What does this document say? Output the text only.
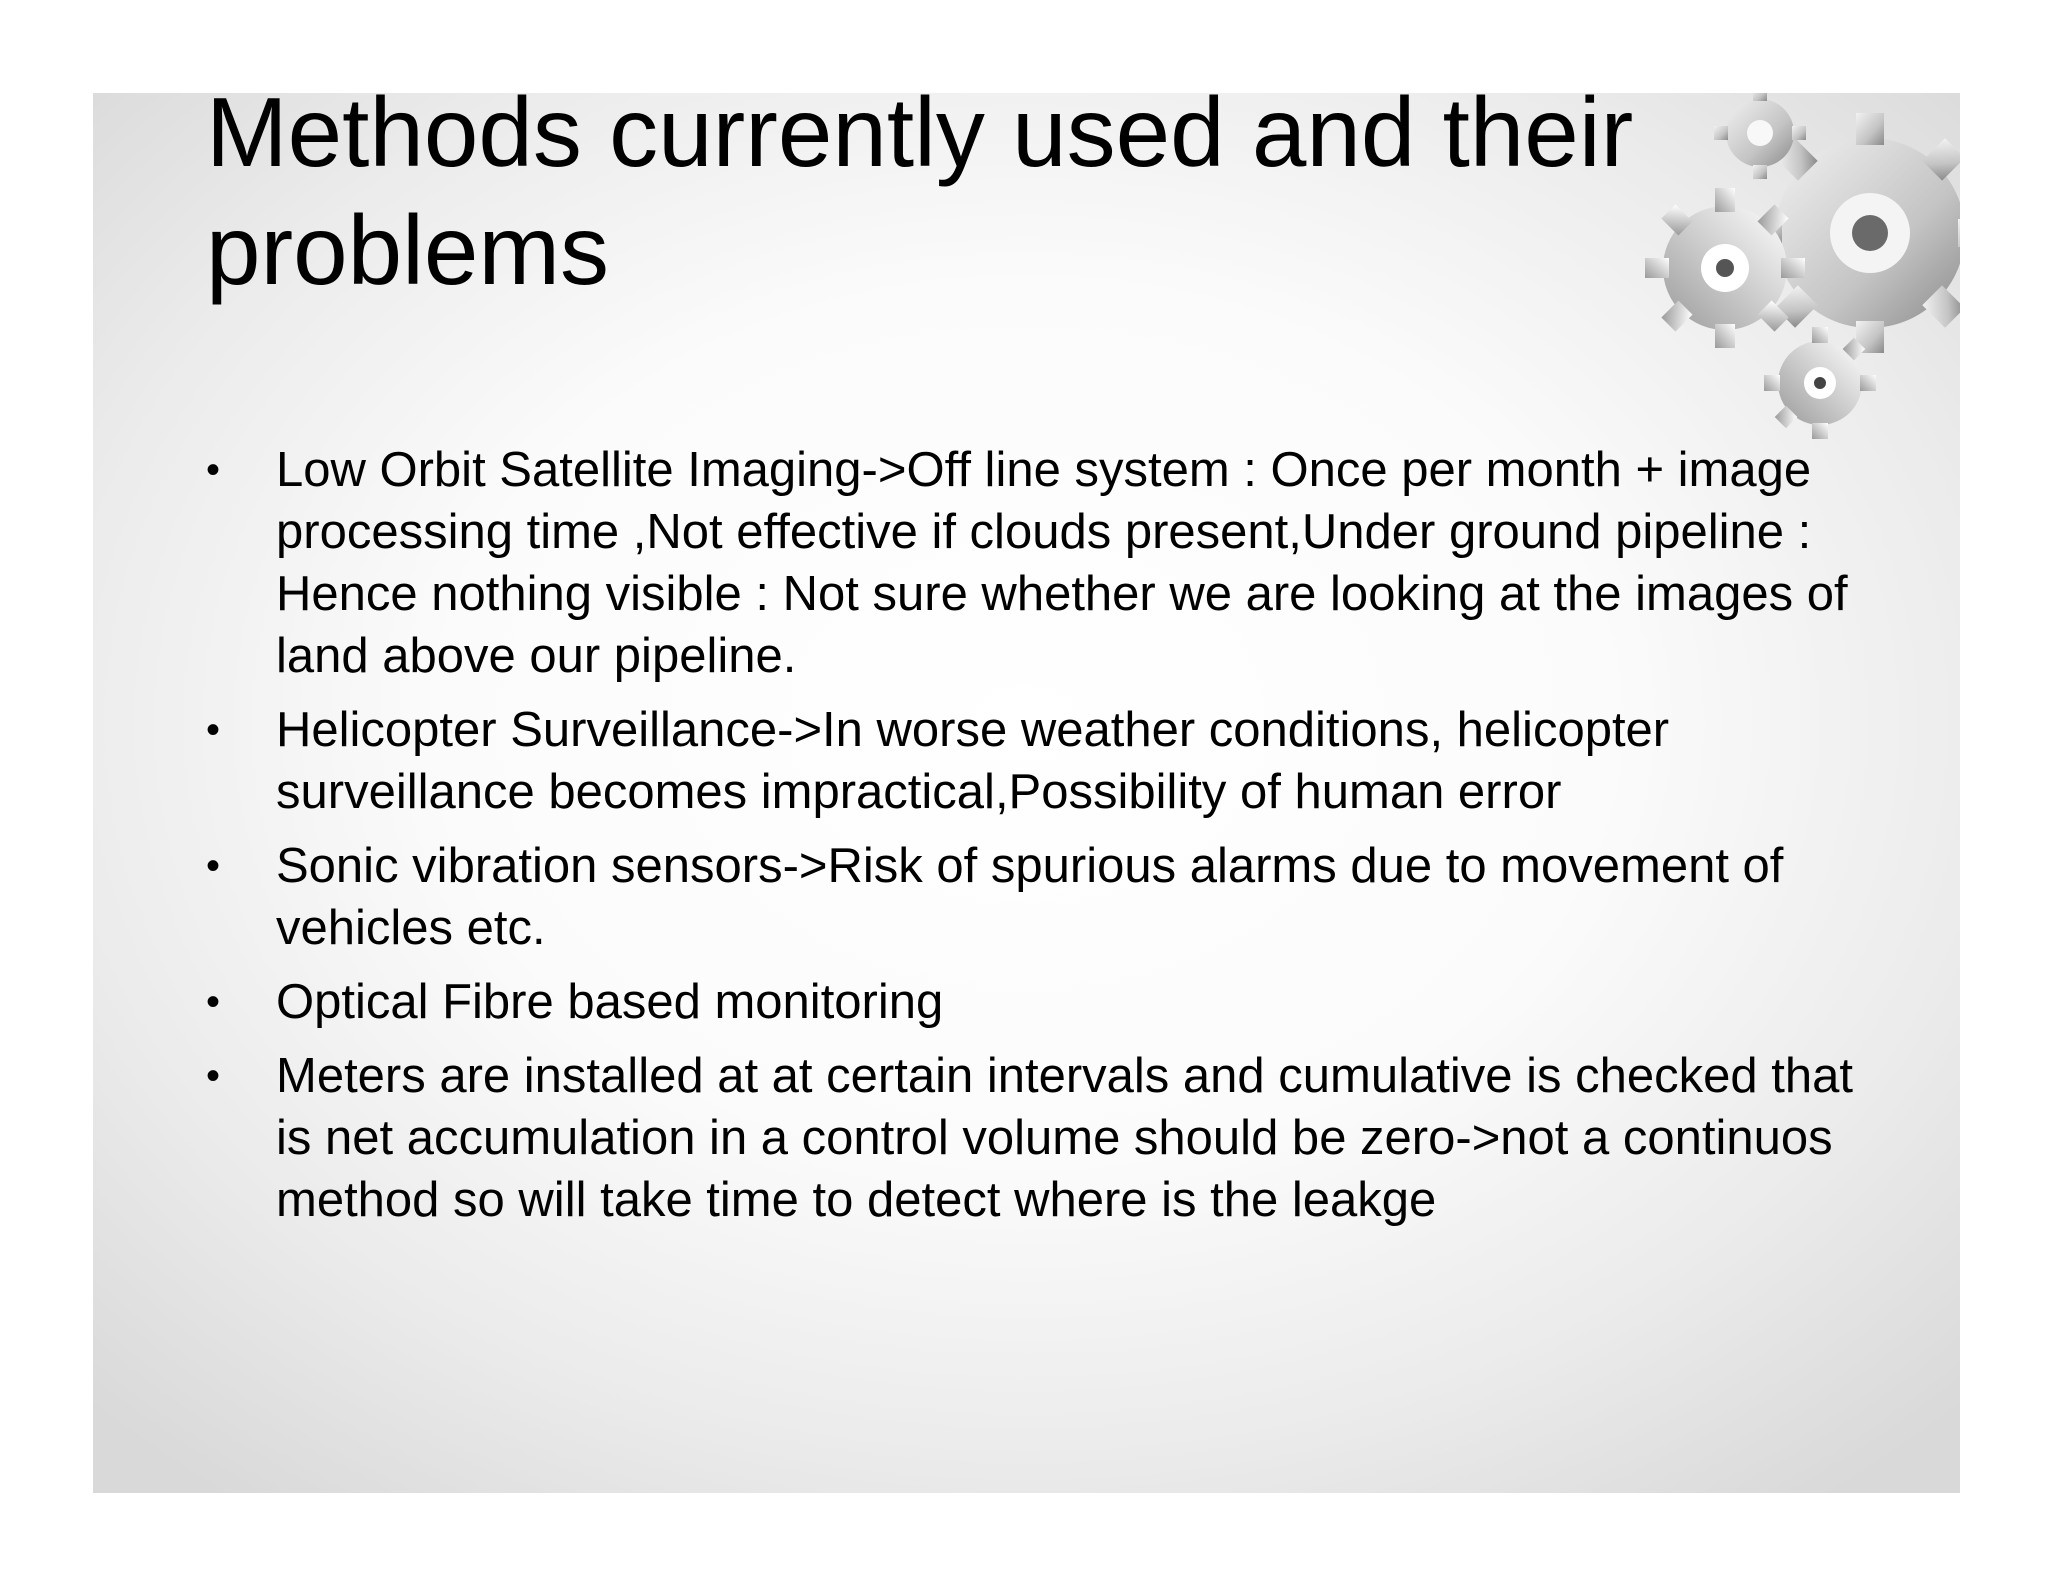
Methods currently used and their problems
•	Low Orbit Satellite Imaging->Off line system : Once per month + image processing time ,Not effective if clouds present,Under ground pipeline : Hence nothing visible : Not sure whether we are looking at the images of land above our pipeline.
•	Helicopter Surveillance->In worse weather conditions, helicopter surveillance becomes impractical,Possibility of human error
•	Sonic vibration sensors->Risk of spurious alarms due to movement of vehicles etc.
•	Optical Fibre based monitoring
•	Meters are installed at at certain intervals and cumulative is checked that is net accumulation in a control volume should be zero->not a continuos method so will take time to detect where is the leakge
